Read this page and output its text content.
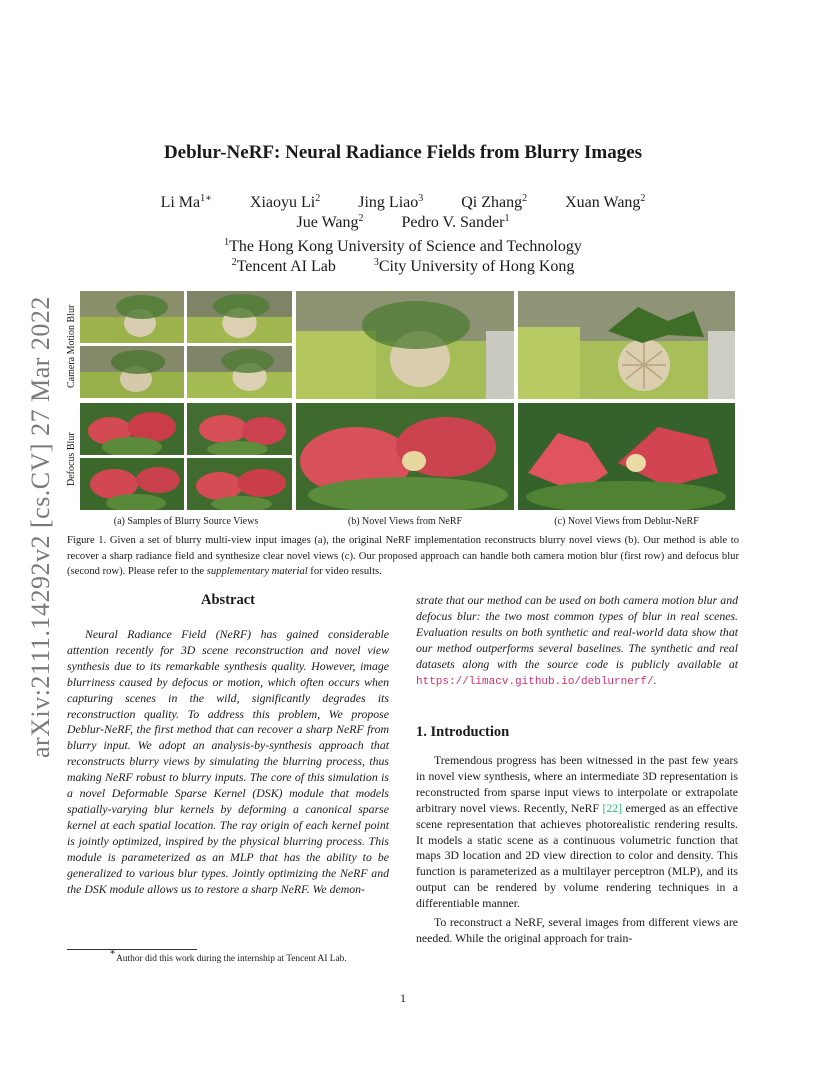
arXiv:2111.14292v2 [cs.CV] 27 Mar 2022
Deblur-NeRF: Neural Radiance Fields from Blurry Images
Li $Ma^{1∗}$ Xiaoyu Li$^2$ Jing Liao$^3$ Qi Zhang$^2$ Xuan Wang$^2$
Jue Wang$^2$ Pedro V. Sander$^1$
$^1$The Hong Kong University of Science and Technology
$^2$Tencent AI Lab	$^3$City University of Hong Kong
Camera Motion Blur
Defocus Blur
(a) Samples of Blurry Source Views	(b) Novel Views from NeRF	(c) Novel Views from Deblur-NeRF
Figure 1. Given a set of blurry multi-view input images (a), the original NeRF implementation reconstructs blurry novel views (b). Our method is able to recover a sharp radiance field and synthesize clear novel views (c). Our proposed approach can handle both camera motion blur (first row) and defocus blur (second row). Please refer to the supplementary material for video results.
Abstract

Neural Radiance Field (NeRF) has gained considerable attention recently for 3D scene reconstruction and novel view synthesis due to its remarkable synthesis quality. However, image blurriness caused by defocus or motion, which often occurs when capturing scenes in the wild, significantly degrades its reconstruction quality. To address this problem, We propose Deblur-NeRF, the first method that can recover a sharp NeRF from blurry input. We adopt an analysis-by-synthesis approach that reconstructs blurry views by simulating the blurring process, thus making NeRF robust to blurry inputs. The core of this simulation is a novel Deformable Sparse Kernel (DSK) module that models spatially-varying blur kernels by deforming a canonical sparse kernel at each spatial location. The ray origin of each kernel point is jointly optimized, inspired by the physical blurring process. This module is parameterized as an MLP that has the ability to be generalized to various blur types. Jointly optimizing the NeRF and the DSK module allows us to restore a sharp NeRF. We demon-

strate that our method can be used on both camera motion blur and defocus blur: the two most common types of blur in real scenes. Evaluation results on both synthetic and real-world data show that our method outperforms several baselines. The synthetic and real datasets along with the source code is publicly available at https://limacv.github.io/deblurnerf/.

1. Introduction

Tremendous progress has been witnessed in the past few years in novel view synthesis, where an intermediate 3D representation is reconstructed from sparse input views to interpolate or extrapolate arbitrary novel views. Recently, NeRF [22] emerged as an effective scene representation that achieves photorealistic rendering results. It models a static scene as a continuous volumetric function that maps 3D location and 2D view direction to color and density. This function is parameterized as a multilayer perceptron (MLP), and its output can be rendered by volume rendering techniques in a differentiable manner.

To reconstruct a NeRF, several images from different views are needed. While the original approach for train-

∗Author did this work during the internship at Tencent AI Lab.
1
